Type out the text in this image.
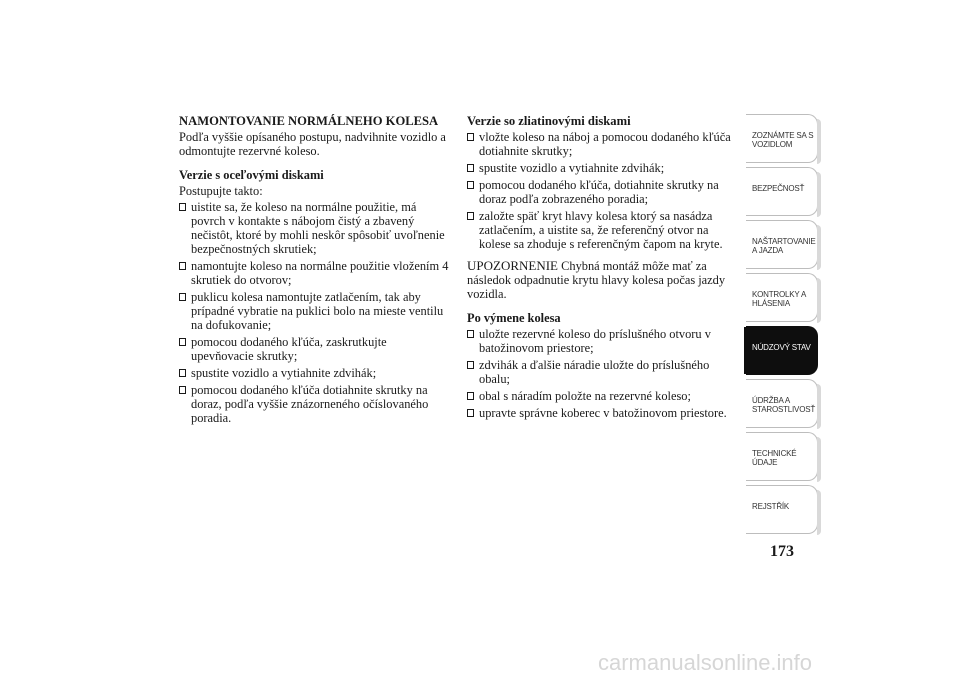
NAMONTOVANIE NORMÁLNEHO KOLESA
Podľa vyššie opísaného postupu, nadvihnite vozidlo a odmontujte rezervné koleso.
Verzie s oceľovými diskami
Postupujte takto:
uistite sa, že koleso na normálne použitie, má povrch v kontakte s nábojom čistý a zbavený nečistôt, ktoré by mohli neskôr spôsobiť uvoľnenie bezpečnostných skrutiek;
namontujte koleso na normálne použitie vložením 4 skrutiek do otvorov;
puklicu kolesa namontujte zatlačením, tak aby prípadné vybratie na puklici bolo na mieste ventilu na dofukovanie;
pomocou dodaného kľúča, zaskrutkujte upevňovacie skrutky;
spustite vozidlo a vytiahnite zdvihák;
pomocou dodaného kľúča dotiahnite skrutky na doraz, podľa vyššie znázorneného očíslovaného poradia.
Verzie so zliatinovými diskami
vložte koleso na náboj a pomocou dodaného kľúča dotiahnite skrutky;
spustite vozidlo a vytiahnite zdvihák;
pomocou dodaného kľúča, dotiahnite skrutky na doraz podľa zobrazeného poradia;
založte späť kryt hlavy kolesa ktorý sa nasádza zatlačením, a uistite sa, že referenčný otvor na kolese sa zhoduje s referenčným čapom na kryte.
UPOZORNENIE Chybná montáž môže mať za následok odpadnutie krytu hlavy kolesa počas jazdy vozidla.
Po výmene kolesa
uložte rezervné koleso do príslušného otvoru v batožinovom priestore;
zdvihák a ďalšie náradie uložte do príslušného obalu;
obal s náradím položte na rezervné koleso;
upravte správne koberec v batožinovom priestore.
ZOZNÁMTE SA S VOZIDLOM
BEZPEČNOSŤ
NAŠTARTOVANIE A JAZDA
KONTROLKY A HLÁSENIA
NÚDZOVÝ STAV
ÚDRŽBA A STAROSTLIVOSŤ
TECHNICKÉ ÚDAJE
REJSTŘÍK
173
carmanualsonline.info
